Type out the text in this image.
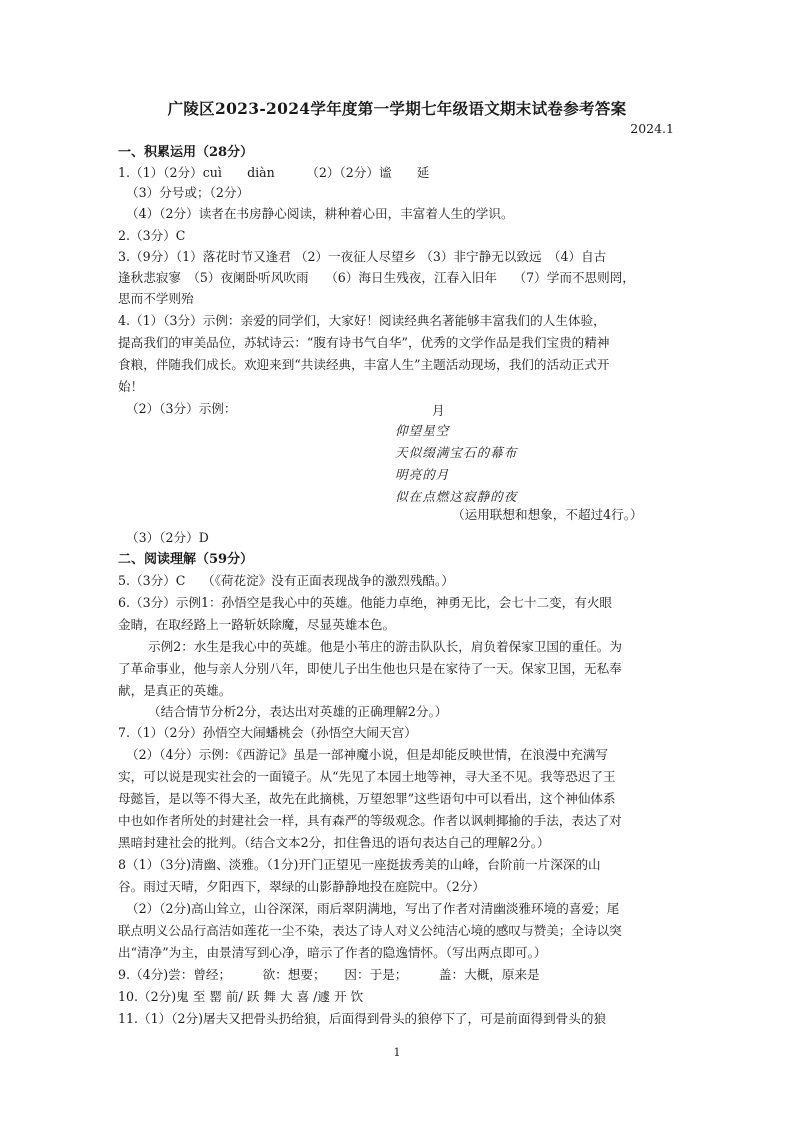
广陵区2023-2024学年度第一学期七年级语文期末试卷参考答案
2024.1
一、积累运用（28分）
1.（1）（2分）cuì　　diàn　　　（2）（2分）谧　　延
（3）分号或；（2分）
（4）（2分）读者在书房静心阅读，耕种着心田，丰富着人生的学识。
2.（3分）C
3.（9分）（1）落花时节又逢君 （2）一夜征人尽望乡 （3）非宁静无以致远　（4）自古
逢秋悲寂寥　（5）夜阑卧听风吹雨　 （6）海日生残夜，江春入旧年　 （7）学而不思则罔，
思而不学则殆
4.（1）（3分）示例：亲爱的同学们，大家好！阅读经典名著能够丰富我们的人生体验，
提高我们的审美品位，苏轼诗云：“腹有诗书气自华”，优秀的文学作品是我们宝贵的精神
食粮，伴随我们成长。欢迎来到“共读经典，丰富人生”主题活动现场，我们的活动正式开
始！
（2）（3分）示例：	月
仰望星空
天似缀满宝石的幕布
明亮的月
似在点燃这寂静的夜
（运用联想和想象，不超过4行。）
（3）（2分）D
二、阅读理解（59分）
5.（3分）C　 （《荷花淀》没有正面表现战争的激烈残酷。）
6.（3分）示例1：孙悟空是我心中的英雄。他能力卓绝，神勇无比，会七十二变，有火眼
金睛，在取经路上一路斩妖除魔，尽显英雄本色。
示例2：水生是我心中的英雄。他是小苇庄的游击队队长，肩负着保家卫国的重任。为
了革命事业，他与亲人分别八年，即使儿子出生他也只是在家待了一天。保家卫国，无私奉
献，是真正的英雄。
（结合情节分析2分，表达出对英雄的正确理解2分。）
7.（1）（2分）孙悟空大闹蟠桃会（孙悟空大闹天宫）
（2）（4分）示例：《西游记》虽是一部神魔小说，但是却能反映世情，在浪漫中充满写
实，可以说是现实社会的一面镜子。从“先见了本园土地等神，寻大圣不见。我等恐迟了王
母懿旨，是以等不得大圣，故先在此摘桃，万望恕罪”这些语句中可以看出，这个神仙体系
中也如作者所处的封建社会一样，具有森严的等级观念。作者以讽刺揶揄的手法，表达了对
黑暗封建社会的批判。（结合文本2分，扣住鲁迅的语句表达自己的理解2分。）
8（1）（3分)清幽、淡雅。（1分)开门正望见一座挺拔秀美的山峰，台阶前一片深深的山
谷。雨过天晴，夕阳西下，翠绿的山影静静地投在庭院中。（2分）
（2）（2分)高山耸立，山谷深深，雨后翠阴满地，写出了作者对清幽淡雅环境的喜爱；尾
联点明义公品行高洁如莲花一尘不染，表达了诗人对义公纯洁心境的感叹与赞美；全诗以突
出“清净”为主，由景清写到心净，暗示了作者的隐逸情怀。（写出两点即可。）
9.（4分)尝：曾经；　　　欲：想要；　　因：于是；　　　盖：大概，原来是
10.（2分)鬼 至 罂 前/ 跃 舞 大 喜 /遽 开 饮
11.（1）（2分)屠夫又把骨头扔给狼，后面得到骨头的狼停下了，可是前面得到骨头的狼
1
